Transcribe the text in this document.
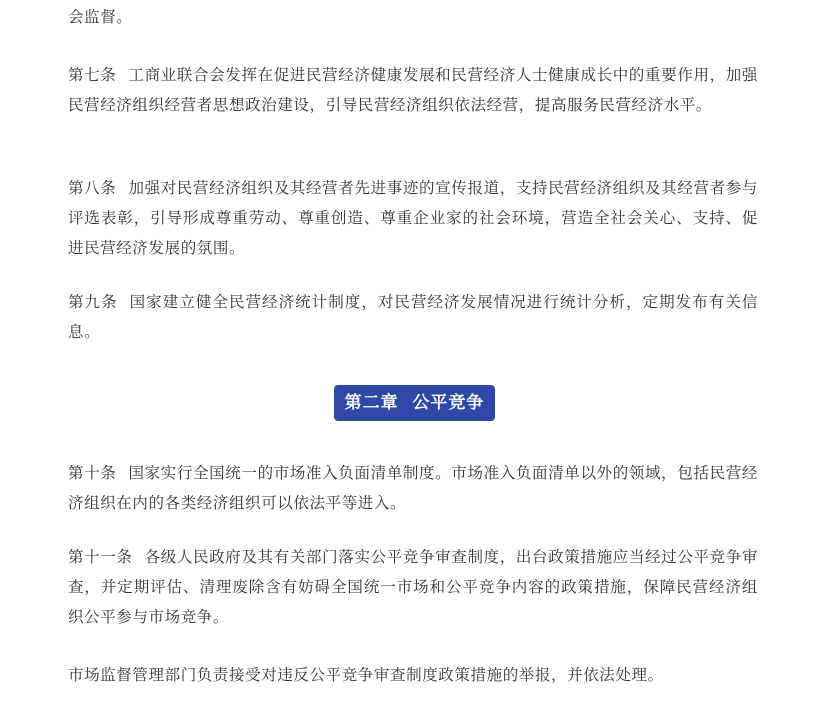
会监督。

第七条 工商业联合会发挥在促进民营经济健康发展和民营经济人士健康成长中的重要作用，加强民营经济组织经营者思想政治建设，引导民营经济组织依法经营，提高服务民营经济水平。

第八条 加强对民营经济组织及其经营者先进事迹的宣传报道，支持民营经济组织及其经营者参与评选表彰，引导形成尊重劳动、尊重创造、尊重企业家的社会环境，营造全社会关心、支持、促进民营经济发展的氛围。

第九条 国家建立健全民营经济统计制度，对民营经济发展情况进行统计分析，定期发布有关信息。

第十条 国家实行全国统一的市场准入负面清单制度。市场准入负面清单以外的领域，包括民营经济组织在内的各类经济组织可以依法平等进入。

第十一条 各级人民政府及其有关部门落实公平竞争审查制度，出台政策措施应当经过公平竞争审查，并定期评估、清理废除含有妨碍全国统一市场和公平竞争内容的政策措施，保障民营经济组织公平参与市场竞争。

市场监督管理部门负责接受对违反公平竞争审查制度政策措施的举报，并依法处理。

第二章  公平竞争
